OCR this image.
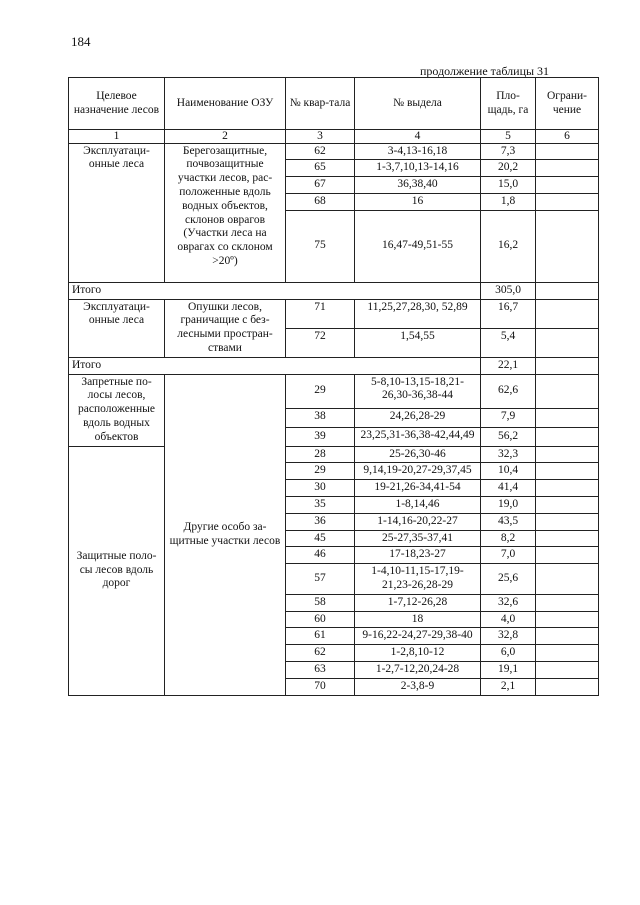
184
продолжение таблицы 31
Целевое назначение лесов	Наименование ОЗУ	№ квар-тала	№ выдела	Пло-щадь, га	Ограни-чение
1	2	3	4	5	6
Эксплуатаци-онные леса	Берегозащитные, почвозащитные участки лесов, рас-положенные вдоль водных объектов, склонов оврагов (Участки леса на оврагах со склоном >20º)	62	3-4,13-16,18	7,3	
		65	1-3,7,10,13-14,16	20,2	
		67	36,38,40	15,0	
		68	16	1,8	
		75	16,47-49,51-55	16,2	
Итого				305,0	
Эксплуатаци-онные леса	Опушки лесов, граничащие с без-лесными простран-ствами	71	11,25,27,28,30, 52,89	16,7	
		72	1,54,55	5,4	
Итого				22,1	
Запретные по-лосы лесов, расположенные вдоль водных объектов	Другие особо за-щитные участки лесов	29	5-8,10-13,15-18,21-26,30-36,38-44	62,6	
		38	24,26,28-29	7,9	
		39	23,25,31-36,38-42,44,49	56,2	
Защитные поло-сы лесов вдоль дорог		28	25-26,30-46	32,3	
		29	9,14,19-20,27-29,37,45	10,4	
		30	19-21,26-34,41-54	41,4	
		35	1-8,14,46	19,0	
		36	1-14,16-20,22-27	43,5	
		45	25-27,35-37,41	8,2	
		46	17-18,23-27	7,0	
		57	1-4,10-11,15-17,19-21,23-26,28-29	25,6	
		58	1-7,12-26,28	32,6	
		60	18	4,0	
		61	9-16,22-24,27-29,38-40	32,8	
		62	1-2,8,10-12	6,0	
		63	1-2,7-12,20,24-28	19,1	
		70	2-3,8-9	2,1	
